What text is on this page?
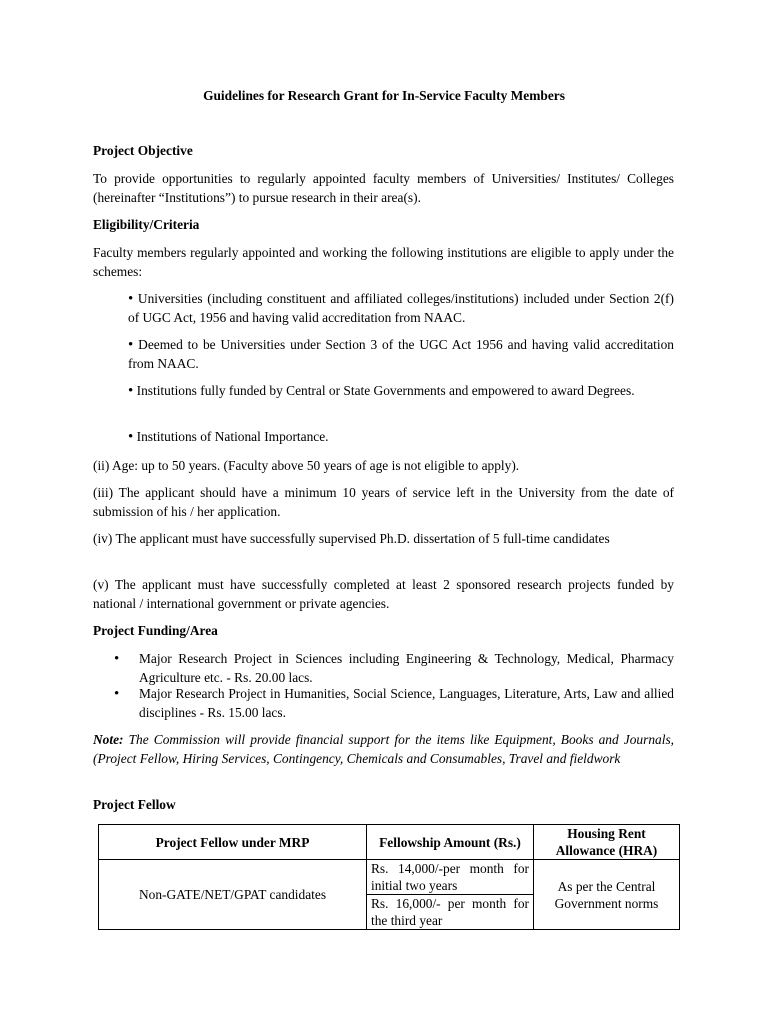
Guidelines for Research Grant for In-Service Faculty Members
Project Objective
To provide opportunities to regularly appointed faculty members of Universities/ Institutes/ Colleges (hereinafter “Institutions”) to pursue research in their area(s).
Eligibility/Criteria
Faculty members regularly appointed and working the following institutions are eligible to apply under the schemes:
• Universities (including constituent and affiliated colleges/institutions) included under Section 2(f) of UGC Act, 1956 and having valid accreditation from NAAC.
• Deemed to be Universities under Section 3 of the UGC Act 1956 and having valid accreditation from NAAC.
• Institutions fully funded by Central or State Governments and empowered to award Degrees.
• Institutions of National Importance.
(ii) Age: up to 50 years. (Faculty above 50 years of age is not eligible to apply).
(iii) The applicant should have a minimum 10 years of service left in the University from the date of submission of his / her application.
(iv) The applicant must have successfully supervised Ph.D. dissertation of 5 full-time candidates
(v) The applicant must have successfully completed at least 2 sponsored research projects funded by national / international government or private agencies.
Project Funding/Area
• Major Research Project in Sciences including Engineering & Technology, Medical, Pharmacy Agriculture etc. - Rs. 20.00 lacs.
• Major Research Project in Humanities, Social Science, Languages, Literature, Arts, Law and allied disciplines - Rs. 15.00 lacs.
Note: The Commission will provide financial support for the items like Equipment, Books and Journals, (Project Fellow, Hiring Services, Contingency, Chemicals and Consumables, Travel and fieldwork
Project Fellow
Project Fellow under MRP	Fellowship Amount (Rs.)	Housing Rent Allowance (HRA)
Non-GATE/NET/GPAT candidates	Rs. 14,000/-per month for initial two years	As per the Central Government norms
	Rs. 16,000/- per month for the third year	
